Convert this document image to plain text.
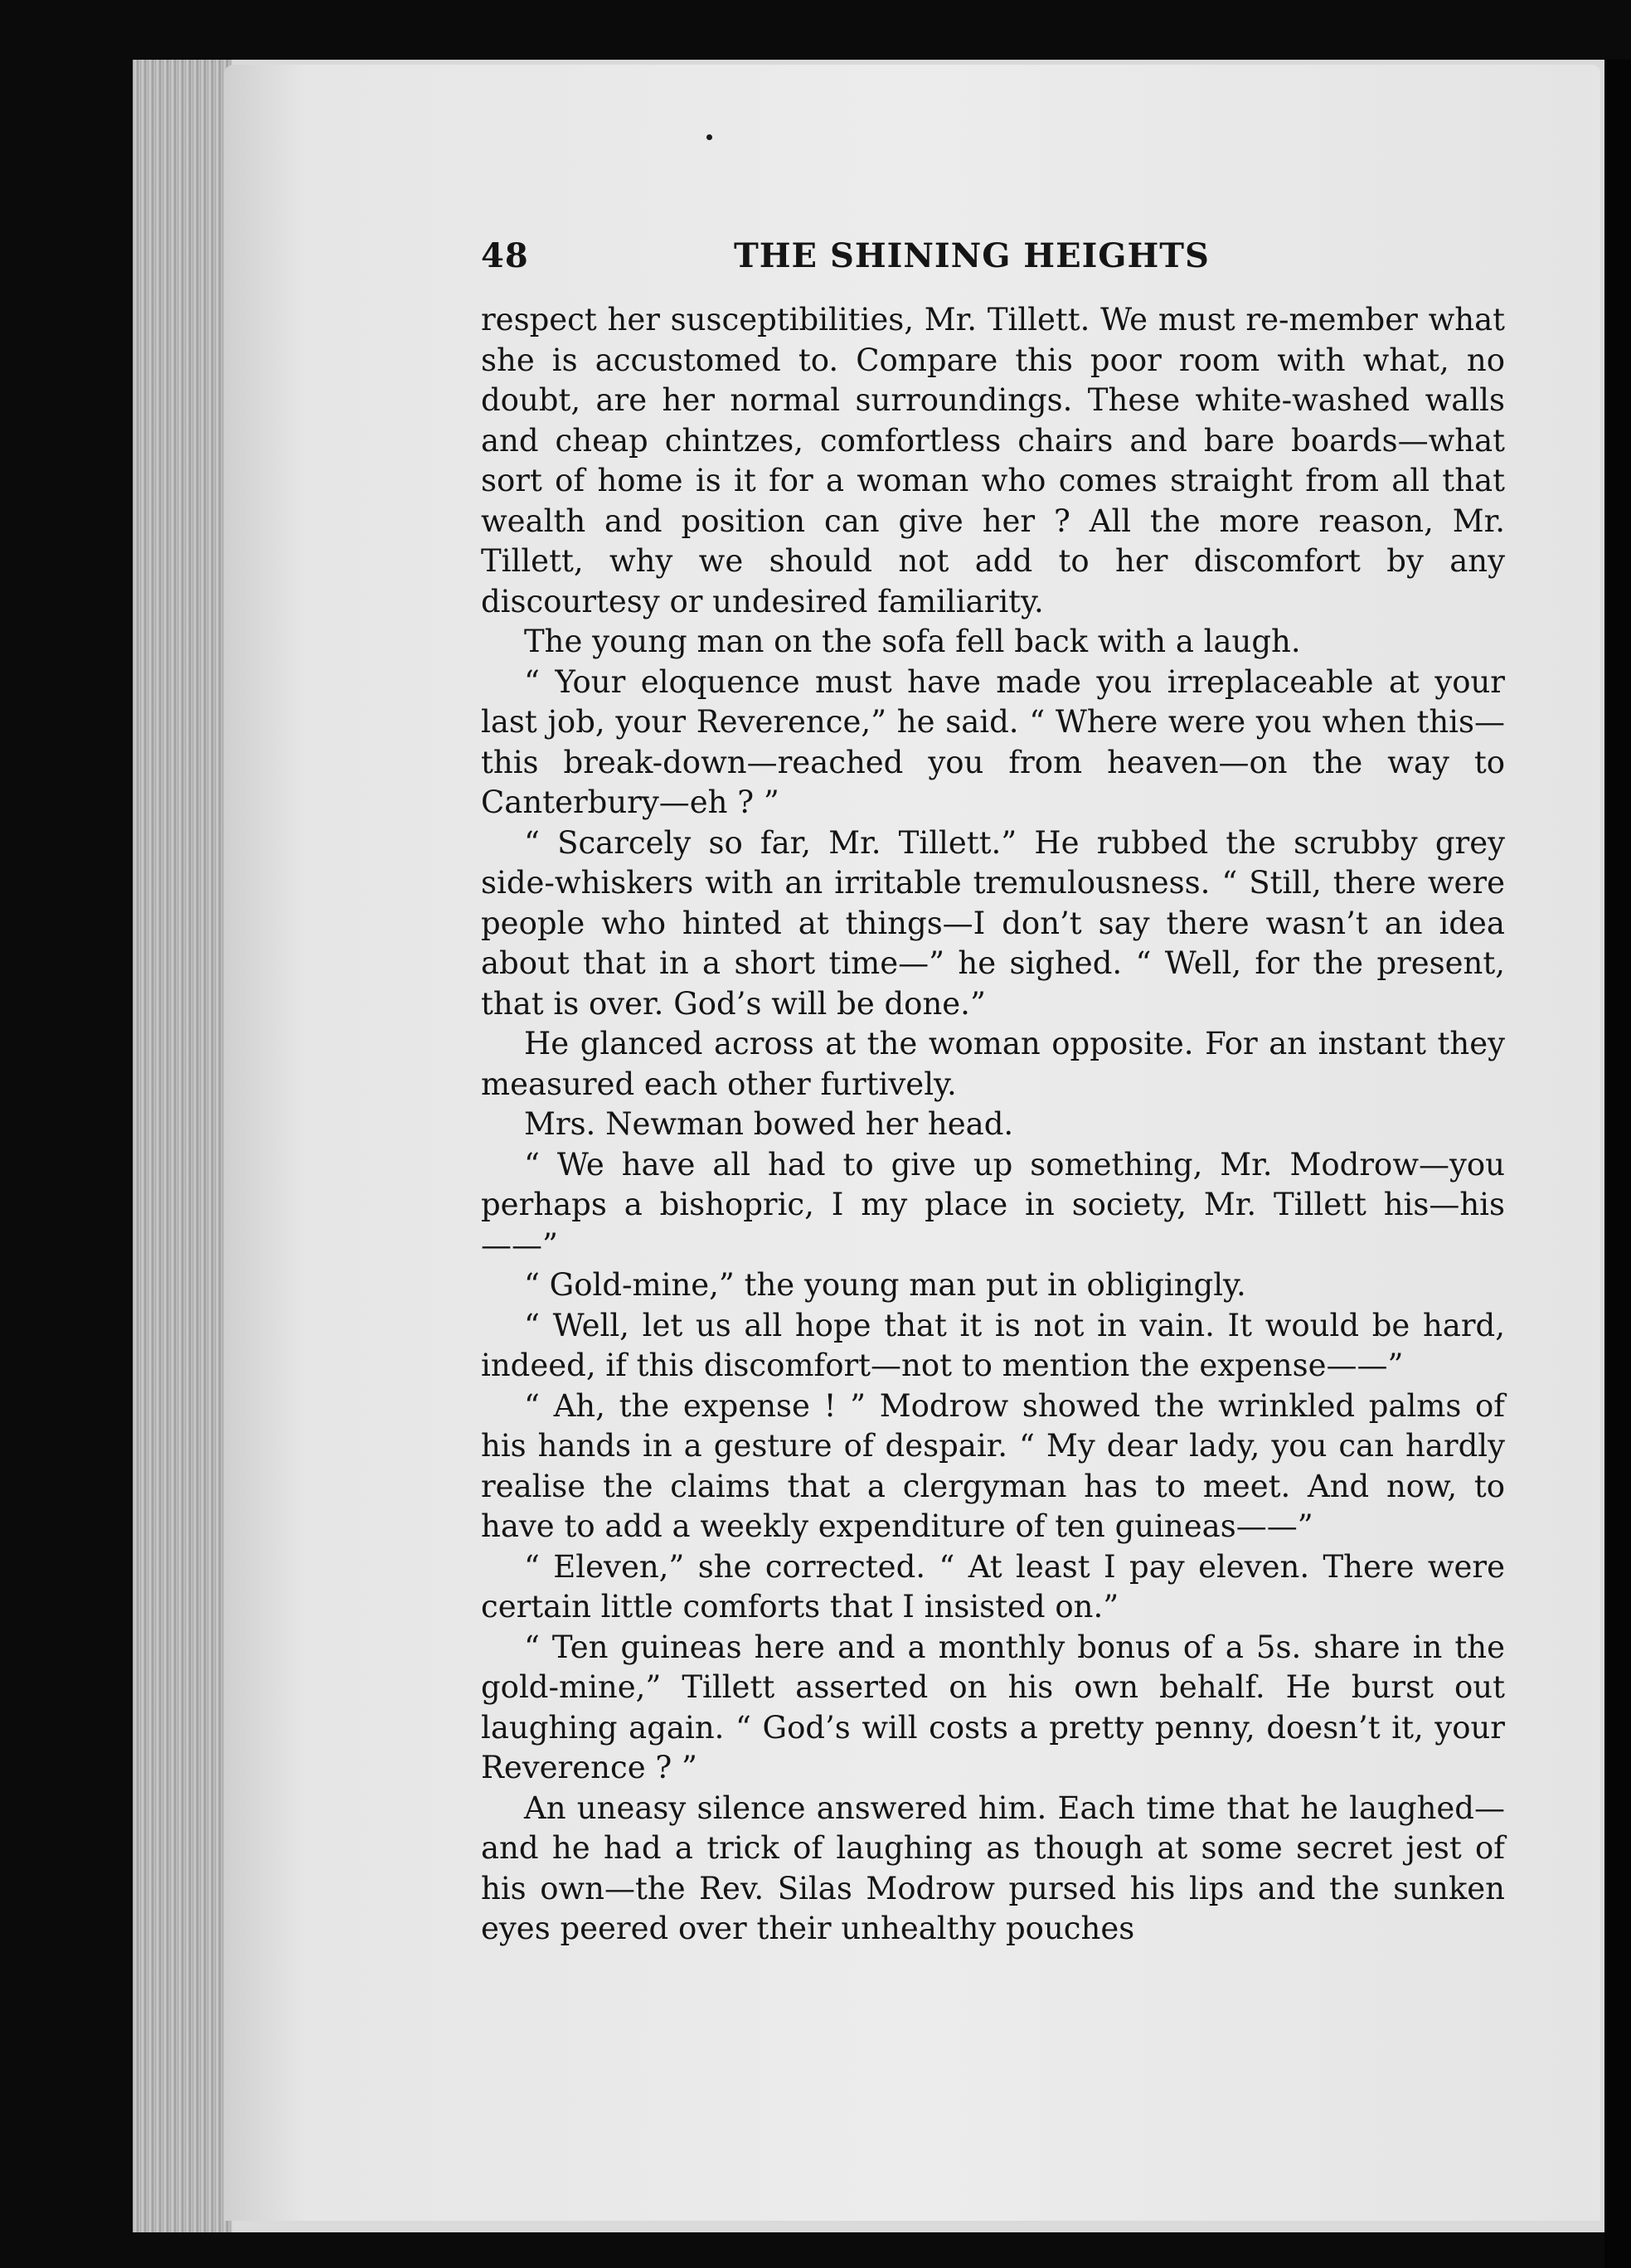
48	THE SHINING HEIGHTS

respect her susceptibilities, Mr. Tillett. We must re-member what she is accustomed to. Compare this poor room with what, no doubt, are her normal surroundings. These white-washed walls and cheap chintzes, comfortless chairs and bare boards—what sort of home is it for a woman who comes straight from all that wealth and position can give her ? All the more reason, Mr. Tillett, why we should not add to her discomfort by any discourtesy or undesired familiarity.

The young man on the sofa fell back with a laugh.

“ Your eloquence must have made you irreplaceable at your last job, your Reverence,” he said. “ Where were you when this—this break-down—reached you from heaven—on the way to Canterbury—eh ? ”

“ Scarcely so far, Mr. Tillett.” He rubbed the scrubby grey side-whiskers with an irritable tremulousness. “ Still, there were people who hinted at things—I don’t say there wasn’t an idea about that in a short time—” he sighed. “ Well, for the present, that is over. God’s will be done.”

He glanced across at the woman opposite. For an instant they measured each other furtively.

Mrs. Newman bowed her head.

“ We have all had to give up something, Mr. Modrow—you perhaps a bishopric, I my place in society, Mr. Tillett his—his——”

“ Gold-mine,” the young man put in obligingly.

“ Well, let us all hope that it is not in vain. It would be hard, indeed, if this discomfort—not to mention the expense——”

“ Ah, the expense ! ” Modrow showed the wrinkled palms of his hands in a gesture of despair. “ My dear lady, you can hardly realise the claims that a clergyman has to meet. And now, to have to add a weekly expenditure of ten guineas——”

“ Eleven,” she corrected. “ At least I pay eleven. There were certain little comforts that I insisted on.”

“ Ten guineas here and a monthly bonus of a 5s. share in the gold-mine,” Tillett asserted on his own behalf. He burst out laughing again. “ God’s will costs a pretty penny, doesn’t it, your Reverence ? ”

An uneasy silence answered him. Each time that he laughed—and he had a trick of laughing as though at some secret jest of his own—the Rev. Silas Modrow pursed his lips and the sunken eyes peered over their unhealthy pouches
